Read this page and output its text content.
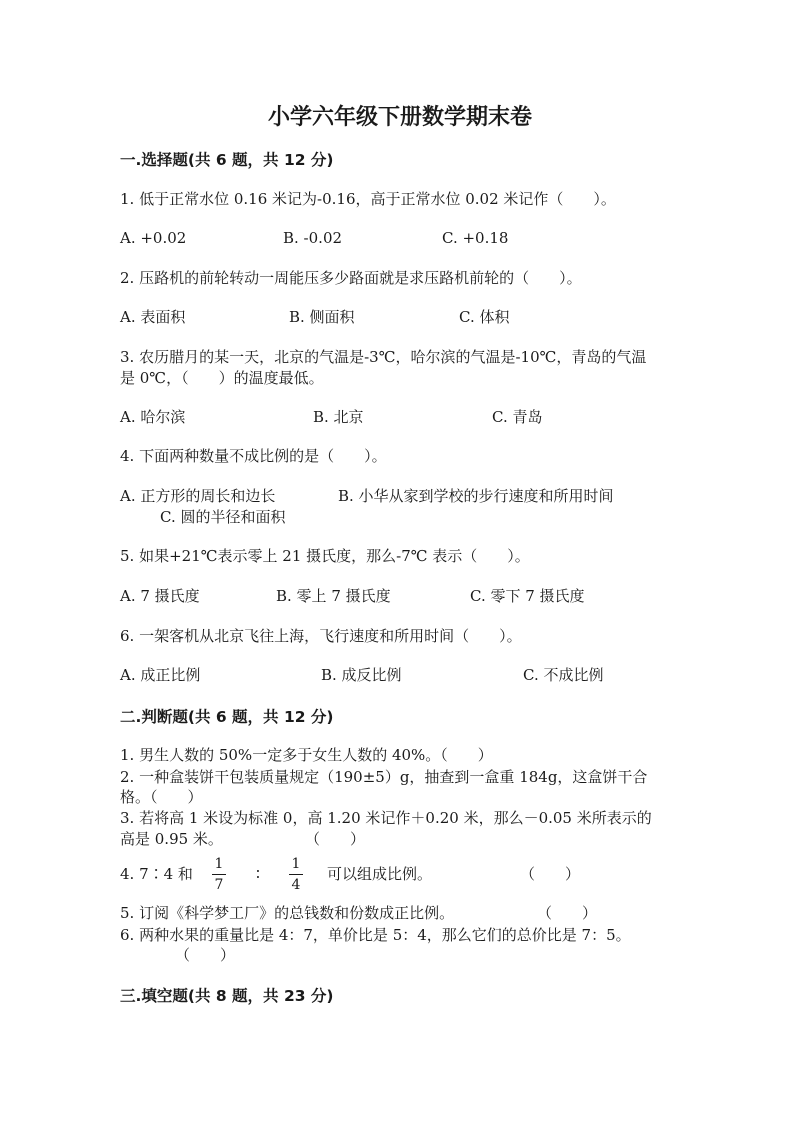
小学六年级下册数学期末卷
一.选择题(共 6 题，共 12 分)
1. 低于正常水位 0.16 米记为-0.16，高于正常水位 0.02 米记作（　　）。
A. +0.02	B. -0.02	C. +0.18
2. 压路机的前轮转动一周能压多少路面就是求压路机前轮的（　　）。
A. 表面积	B. 侧面积	C. 体积
3. 农历腊月的某一天，北京的气温是-3℃，哈尔滨的气温是-10℃，青岛的气温
是 0℃，（　　）的温度最低。
A. 哈尔滨	B. 北京	C. 青岛
4. 下面两种数量不成比例的是（　　）。
A. 正方形的周长和边长	B. 小华从家到学校的步行速度和所用时间
C. 圆的半径和面积
5. 如果+21℃表示零上 21 摄氏度，那么-7℃ 表示（　　）。
A. 7 摄氏度	B. 零上 7 摄氏度	C. 零下 7 摄氏度
6. 一架客机从北京飞往上海，飞行速度和所用时间（　　）。
A. 成正比例	B. 成反比例	C. 不成比例
二.判断题(共 6 题，共 12 分)
1. 男生人数的 50%一定多于女生人数的 40%。（　　）
2. 一种盒装饼干包装质量规定（190±5）g，抽查到一盒重 184g，这盒饼干合
格。（　　）
3. 若将高 1 米设为标准 0，高 1.20 米记作＋0.20 米，那么－0.05 米所表示的
高是 0.95 米。	（　　）
4. 7∶4 和
1
7
∶
1
4
可以组成比例。	（　　）
5. 订阅《科学梦工厂》的总钱数和份数成正比例。	（　　）
6. 两种水果的重量比是 4：7，单价比是 5：4，那么它们的总价比是 7：5。
（　　）
三.填空题(共 8 题，共 23 分)
